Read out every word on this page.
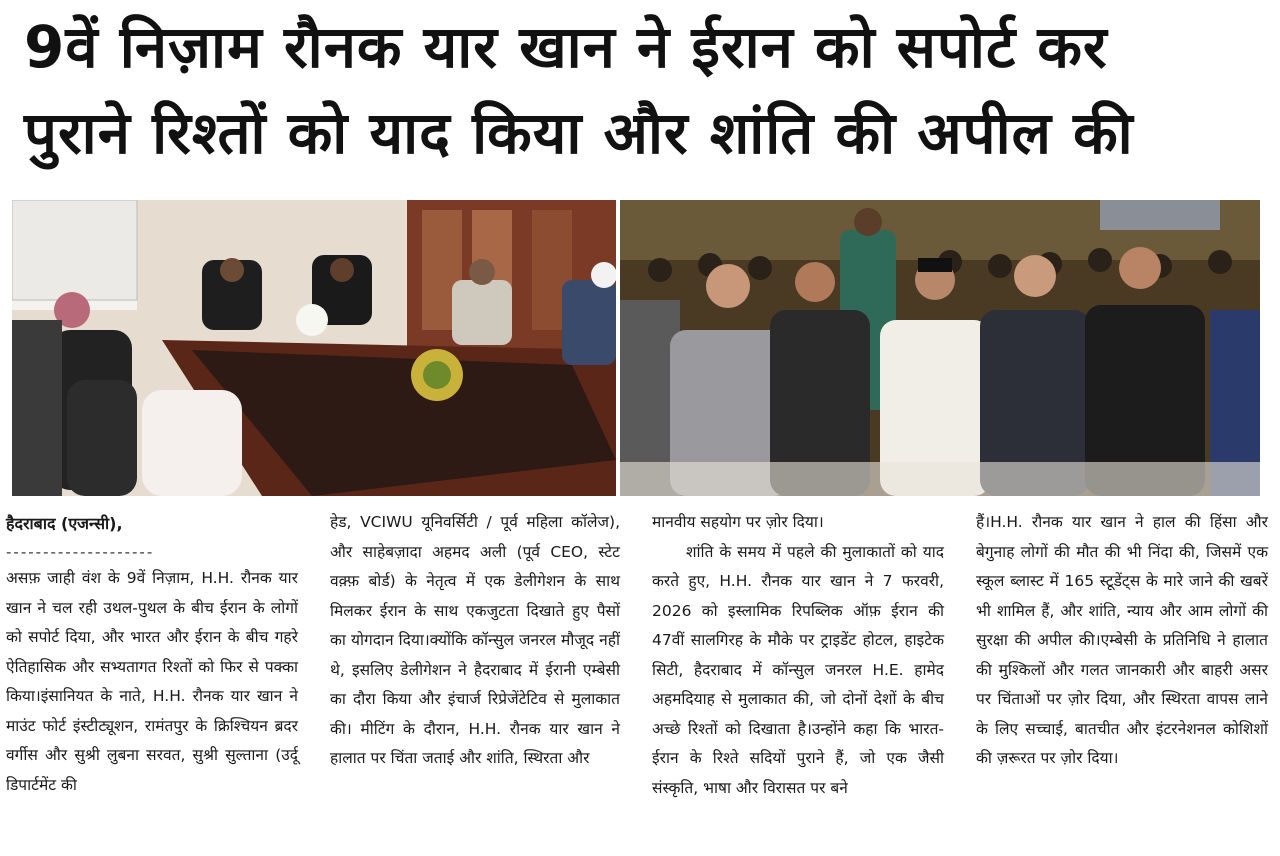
9वें निज़ाम रौनक यार खान ने ईरान को सपोर्ट कर
पुराने रिश्तों को याद किया और शांति की अपील की

हैदराबाद (एजन्सी),

--------------------

असफ़ जाही वंश के 9वें निज़ाम, H.H. रौनक यार खान ने चल रही उथल-पुथल के बीच ईरान के लोगों को सपोर्ट दिया, और भारत और ईरान के बीच गहरे ऐतिहासिक और सभ्यतागत रिश्तों को फिर से पक्का किया।इंसानियत के नाते, H.H. रौनक यार खान ने माउंट फोर्ट इंस्टीट्यूशन, रामंतपुर के क्रिश्चियन ब्रदर वर्गीस और सुश्री लुबना सरवत, सुश्री सुल्ताना (उर्दू डिपार्टमेंट की

हेड, VCIWU यूनिवर्सिटी / पूर्व महिला कॉलेज), और साहेबज़ादा अहमद अली (पूर्व CEO, स्टेट वक़्फ़ बोर्ड) के नेतृत्व में एक डेलीगेशन के साथ मिलकर ईरान के साथ एकजुटता दिखाते हुए पैसों का योगदान दिया।क्योंकि कॉन्सुल जनरल मौजूद नहीं थे, इसलिए डेलीगेशन ने हैदराबाद में ईरानी एम्बेसी का दौरा किया और इंचार्ज रिप्रेजेंटेटिव से मुलाकात की। मीटिंग के दौरान, H.H. रौनक यार खान ने हालात पर चिंता जताई और शांति, स्थिरता और

मानवीय सहयोग पर ज़ोर दिया।

शांति के समय में पहले की मुलाकातों को याद करते हुए, H.H. रौनक यार खान ने 7 फरवरी, 2026 को इस्लामिक रिपब्लिक ऑफ़ ईरान की 47वीं सालगिरह के मौके पर ट्राइडेंट होटल, हाइटेक सिटी, हैदराबाद में कॉन्सुल जनरल H.E. हामेद अहमदियाह से मुलाकात की, जो दोनों देशों के बीच अच्छे रिश्तों को दिखाता है।उन्होंने कहा कि भारत-ईरान के रिश्ते सदियों पुराने हैं, जो एक जैसी संस्कृति, भाषा और विरासत पर बने

हैं।H.H. रौनक यार खान ने हाल की हिंसा और बेगुनाह लोगों की मौत की भी निंदा की, जिसमें एक स्कूल ब्लास्ट में 165 स्टूडेंट्स के मारे जाने की खबरें भी शामिल हैं, और शांति, न्याय और आम लोगों की सुरक्षा की अपील की।एम्बेसी के प्रतिनिधि ने हालात की मुश्किलों और गलत जानकारी और बाहरी असर पर चिंताओं पर ज़ोर दिया, और स्थिरता वापस लाने के लिए सच्चाई, बातचीत और इंटरनेशनल कोशिशों की ज़रूरत पर ज़ोर दिया।
